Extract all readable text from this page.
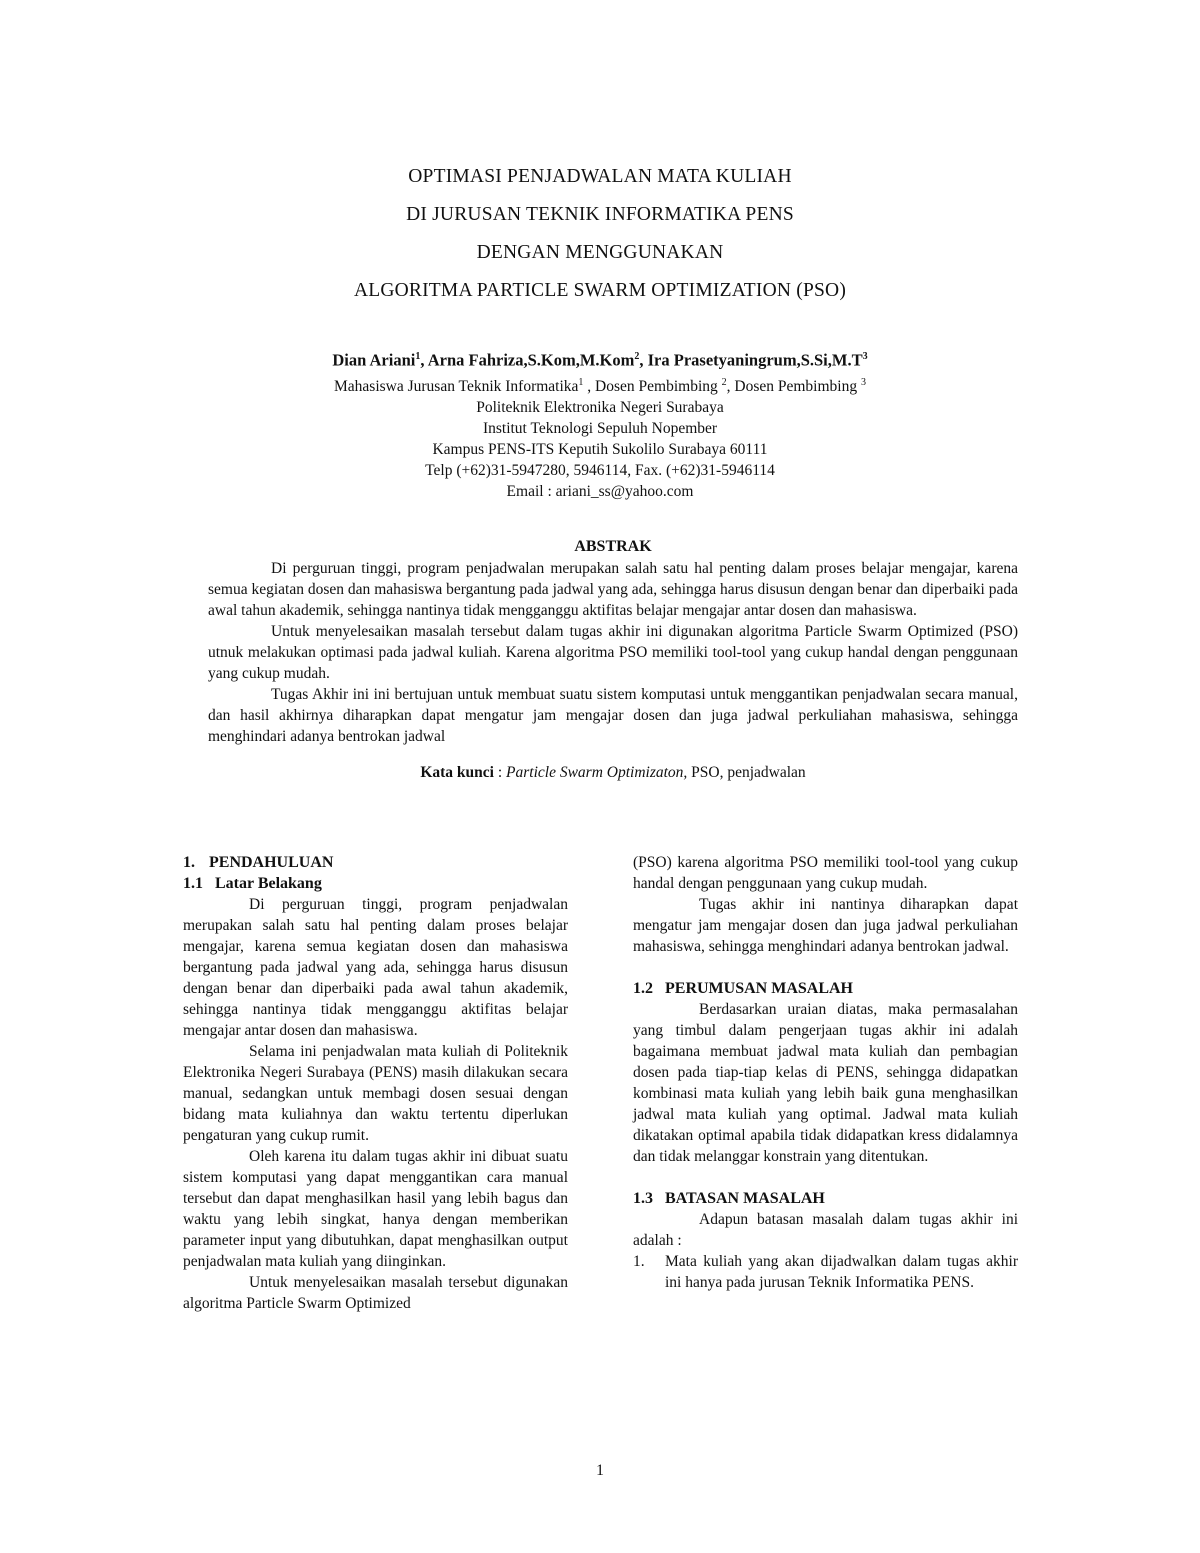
OPTIMASI PENJADWALAN MATA KULIAH
DI JURUSAN TEKNIK INFORMATIKA PENS
DENGAN MENGGUNAKAN
ALGORITMA PARTICLE SWARM OPTIMIZATION (PSO)
Dian Ariani$^1$, Arna Fahriza,S.Kom,M.Kom$^2$, Ira $Prasetyaningrum,S.Si,M.T^3$
Mahasiswa Jurusan Teknik Informatika$^1$ , Dosen Pembimbing $^2$, Dosen Pembimbing $^3$
Politeknik Elektronika Negeri Surabaya
Institut Teknologi Sepuluh Nopember
Kampus PENS-ITS Keputih Sukolilo Surabaya 60111
Telp (+62)31-5947280, 5946114, Fax. (+62)31-5946114
Email : ariani_ss@yahoo.com
ABSTRAK

Di perguruan tinggi, program penjadwalan merupakan salah satu hal penting dalam proses belajar mengajar, karena semua kegiatan dosen dan mahasiswa bergantung pada jadwal yang ada, sehingga harus disusun dengan benar dan diperbaiki pada awal tahun akademik, sehingga nantinya tidak mengganggu aktifitas belajar mengajar antar dosen dan mahasiswa.

Untuk menyelesaikan masalah tersebut dalam tugas akhir ini digunakan algoritma Particle Swarm Optimized (PSO) utnuk melakukan optimasi pada jadwal kuliah. Karena algoritma PSO memiliki tool-tool yang cukup handal dengan penggunaan yang cukup mudah.

Tugas Akhir ini ini bertujuan untuk membuat suatu sistem komputasi untuk menggantikan penjadwalan secara manual, dan hasil akhirnya diharapkan dapat mengatur jam mengajar dosen dan juga jadwal perkuliahan mahasiswa, sehingga menghindari adanya bentrokan jadwal

Kata kunci : Particle Swarm Optimizaton, PSO, penjadwalan
1. PENDAHULUAN
1.1 Latar Belakang

Di perguruan tinggi, program penjadwalan merupakan salah satu hal penting dalam proses belajar mengajar, karena semua kegiatan dosen dan mahasiswa bergantung pada jadwal yang ada, sehingga harus disusun dengan benar dan diperbaiki pada awal tahun akademik, sehingga nantinya tidak mengganggu aktifitas belajar mengajar antar dosen dan mahasiswa.

Selama ini penjadwalan mata kuliah di Politeknik Elektronika Negeri Surabaya (PENS) masih dilakukan secara manual, sedangkan untuk membagi dosen sesuai dengan bidang mata kuliahnya dan waktu tertentu diperlukan pengaturan yang cukup rumit.

Oleh karena itu dalam tugas akhir ini dibuat suatu sistem komputasi yang dapat menggantikan cara manual tersebut dan dapat menghasilkan hasil yang lebih bagus dan waktu yang lebih singkat, hanya dengan memberikan parameter input yang dibutuhkan, dapat menghasilkan output penjadwalan mata kuliah yang diinginkan.

Untuk menyelesaikan masalah tersebut digunakan algoritma Particle Swarm Optimized

(PSO) karena algoritma PSO memiliki tool-tool yang cukup handal dengan penggunaan yang cukup mudah.

Tugas akhir ini nantinya diharapkan dapat mengatur jam mengajar dosen dan juga jadwal perkuliahan mahasiswa, sehingga menghindari adanya bentrokan jadwal.

1.2 PERUMUSAN MASALAH

Berdasarkan uraian diatas, maka permasalahan yang timbul dalam pengerjaan tugas akhir ini adalah bagaimana membuat jadwal mata kuliah dan pembagian dosen pada tiap-tiap kelas di PENS, sehingga didapatkan kombinasi mata kuliah yang lebih baik guna menghasilkan jadwal mata kuliah yang optimal. Jadwal mata kuliah dikatakan optimal apabila tidak didapatkan kress didalamnya dan tidak melanggar konstrain yang ditentukan.

1.3 BATASAN MASALAH

Adapun batasan masalah dalam tugas akhir ini adalah :

1. Mata kuliah yang akan dijadwalkan dalam tugas akhir ini hanya pada jurusan Teknik Informatika PENS.
1
